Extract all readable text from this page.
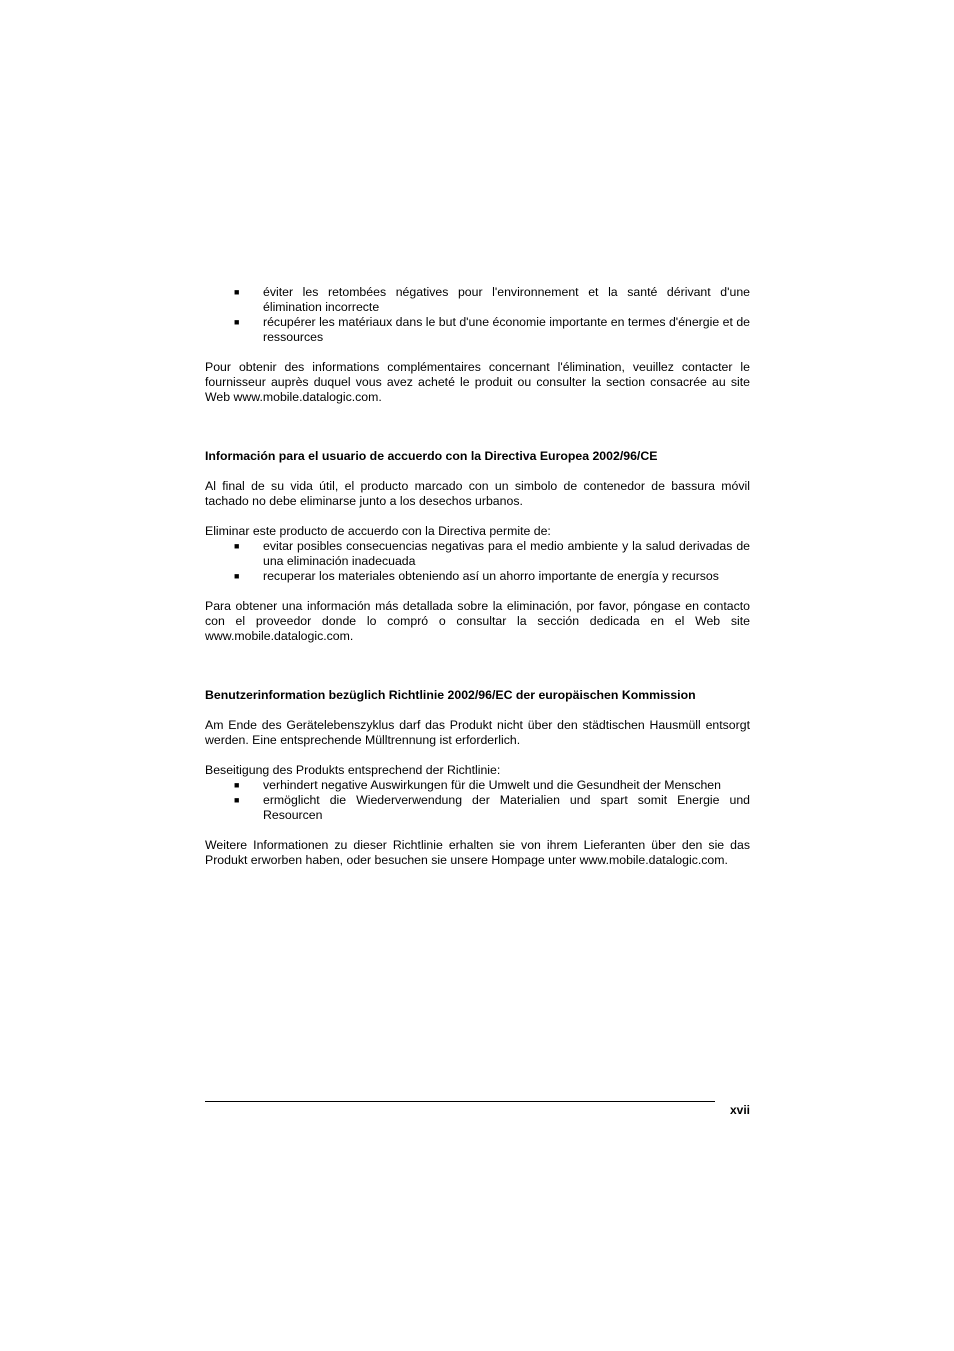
■ éviter les retombées négatives pour l'environnement et la santé dérivant d'une élimination incorrecte
■ récupérer les matériaux dans le but d'une économie importante en termes d'énergie et de ressources

Pour obtenir des informations complémentaires concernant l'élimination, veuillez contacter le fournisseur auprès duquel vous avez acheté le produit ou consulter la section consacrée au site Web www.mobile.datalogic.com.

Información para el usuario de accuerdo con la Directiva Europea 2002/96/CE

Al final de su vida útil, el producto marcado con un simbolo de contenedor de bassura móvil tachado no debe eliminarse junto a los desechos urbanos.

Eliminar este producto de accuerdo con la Directiva permite de:

■ evitar posibles consecuencias negativas para el medio ambiente y la salud derivadas de una eliminación inadecuada
■ recuperar los materiales obteniendo así un ahorro importante de energía y recursos

Para obtener una información más detallada sobre la eliminación, por favor, póngase en contacto con el proveedor donde lo compró o consultar la sección dedicada en el Web site www.mobile.datalogic.com.

Benutzerinformation bezüglich Richtlinie 2002/96/EC der europäischen Kommission

Am Ende des Gerätelebenszyklus darf das Produkt nicht über den städtischen Hausmüll entsorgt werden. Eine entsprechende Mülltrennung ist erforderlich.

Beseitigung des Produkts entsprechend der Richtlinie:

■ verhindert negative Auswirkungen für die Umwelt und die Gesundheit der Menschen
■ ermöglicht die Wiederverwendung der Materialien und spart somit Energie und Resourcen

Weitere Informationen zu dieser Richtlinie erhalten sie von ihrem Lieferanten über den sie das Produkt erworben haben, oder besuchen sie unsere Hompage unter www.mobile.datalogic.com.

xvii
